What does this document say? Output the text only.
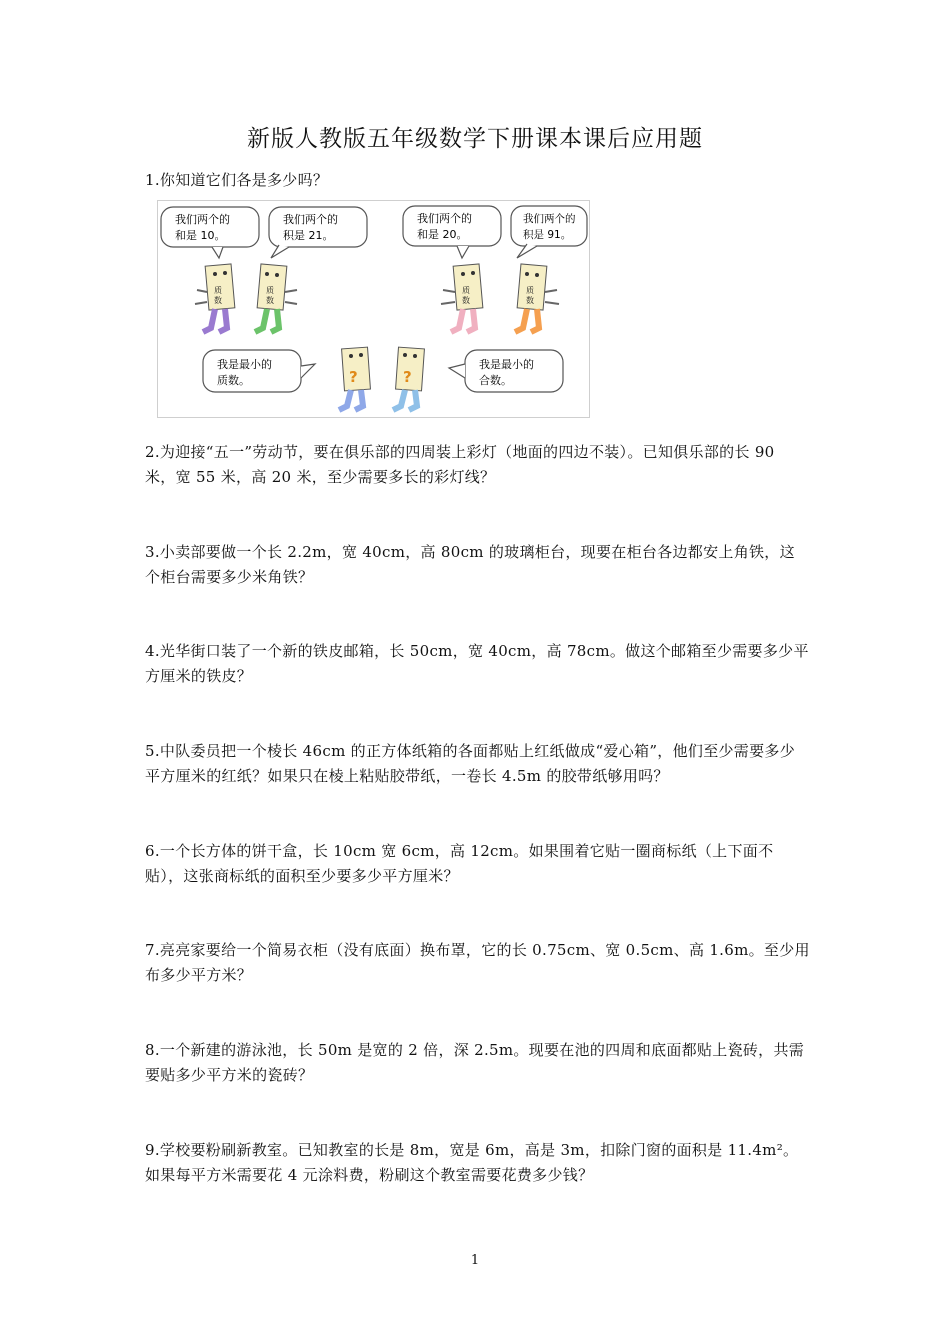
新版人教版五年级数学下册课本课后应用题
1.你知道它们各是多少吗？
我们两个的
和是 10。
我们两个的
积是 21。
我们两个的
和是 20。
我们两个的
积是 91。
我是最小的
质数。
我是最小的
合数。
质
数
质
数
质
数
质
数
?	?
2.为迎接“五一”劳动节，要在俱乐部的四周装上彩灯（地面的四边不装）。已知俱乐部的长 90 米，宽 55 米，高 20 米，至少需要多长的彩灯线？
3.小卖部要做一个长 2.2m，宽 40cm，高 80cm 的玻璃柜台，现要在柜台各边都安上角铁，这个柜台需要多少米角铁？
4.光华街口装了一个新的铁皮邮箱，长 50cm，宽 40cm，高 78cm。做这个邮箱至少需要多少平方厘米的铁皮？
5.中队委员把一个棱长 46cm 的正方体纸箱的各面都贴上红纸做成“爱心箱”，他们至少需要多少平方厘米的红纸？如果只在棱上粘贴胶带纸，一卷长 4.5m 的胶带纸够用吗？
6.一个长方体的饼干盒，长 10cm 宽 6cm，高 12cm。如果围着它贴一圈商标纸（上下面不贴），这张商标纸的面积至少要多少平方厘米？
7.亮亮家要给一个简易衣柜（没有底面）换布罩，它的长 0.75cm、宽 0.5cm、高 1.6m。至少用布多少平方米？
8.一个新建的游泳池，长 50m 是宽的 2 倍，深 2.5m。现要在池的四周和底面都贴上瓷砖，共需要贴多少平方米的瓷砖？
9.学校要粉刷新教室。已知教室的长是 8m，宽是 6m，高是 3m，扣除门窗的面积是 11.4m²。如果每平方米需要花 4 元涂料费，粉刷这个教室需要花费多少钱？
1
